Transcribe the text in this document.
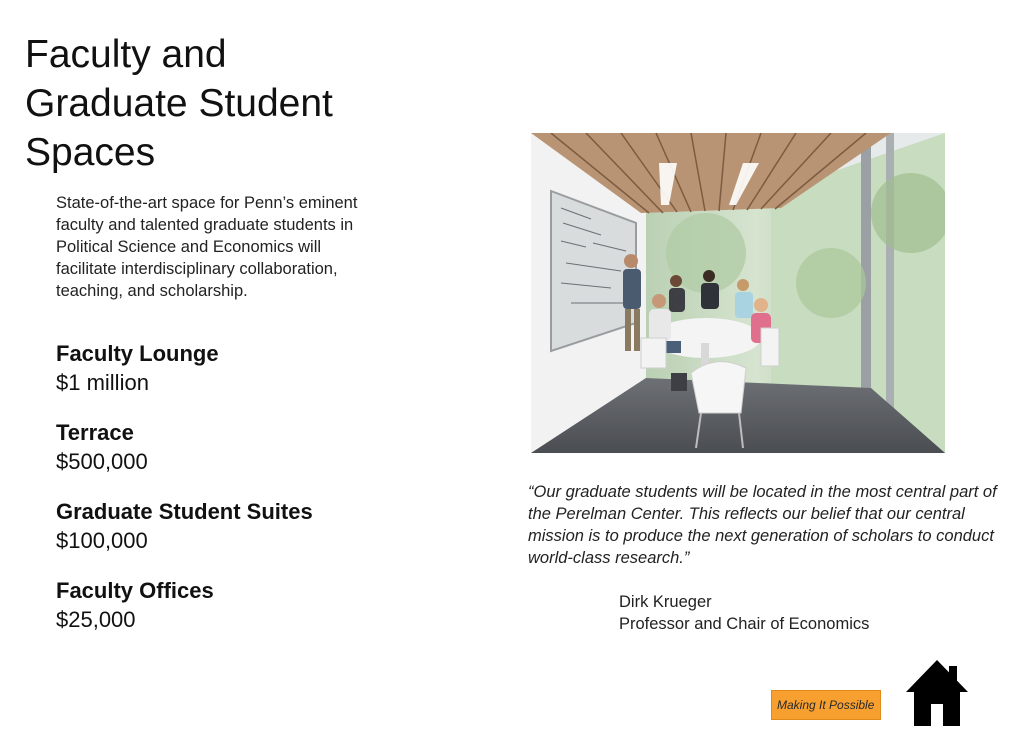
Faculty and
Graduate Student
Spaces

State-of-the-art space for Penn’s eminent faculty and talented graduate students in Political Science and Economics will facilitate interdisciplinary collaboration, teaching, and scholarship.

Faculty Lounge
$1 million
Terrace
$500,000
Graduate Student Suites
$100,000
Faculty Offices
$25,000

“Our graduate students will be located in the most central part of the Perelman Center. This reflects our belief that our central mission is to produce the next generation of scholars to conduct world-class research.”

Dirk Krueger
Professor and Chair of Economics
Making It Possible
